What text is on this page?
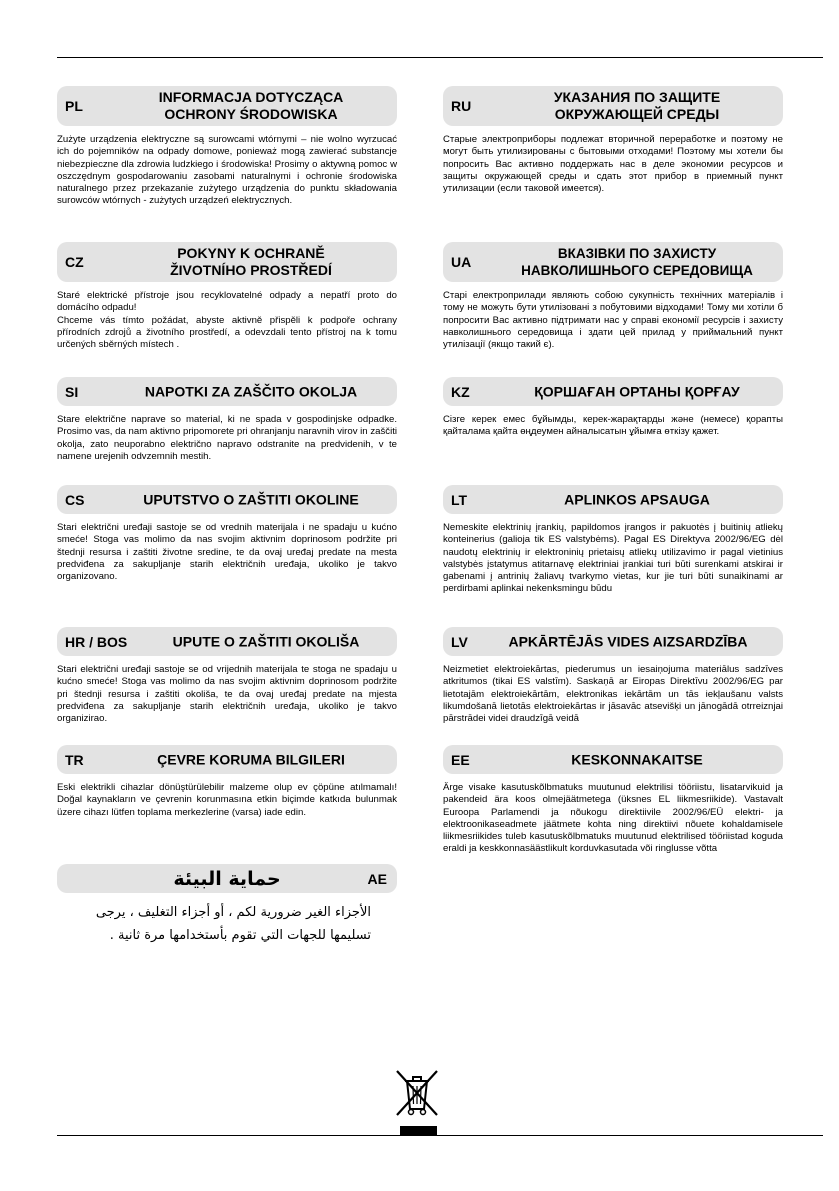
PL
INFORMACJA DOTYCZĄCA
OCHRONY ŚRODOWISKA
Zużyte urządzenia elektryczne są surowcami wtórnymi – nie wolno wyrzucać ich do pojemników na odpady domowe, ponieważ mogą zawierać substancje niebezpieczne dla zdrowia ludzkiego i środowiska! Prosimy o aktywną pomoc w oszczędnym gospodarowaniu zasobami naturalnymi i ochronie środowiska naturalnego przez przekazanie zużytego urządzenia do punktu składowania surowców wtórnych - zużytych urządzeń elektrycznych.
CZ
POKYNY K OCHRANĚ
ŽIVOTNÍHO PROSTŘEDÍ
Staré elektrické přístroje jsou recyklovatelné odpady a nepatří proto do domácího odpadu!
Chceme vás tímto požádat, abyste aktivně přispěli k podpoře ochrany přírodních zdrojů a životního prostředí, a odevzdali tento přístroj na k tomu určených sběrných místech .
SI	NAPOTKI ZA ZAŠČITO OKOLJA
Stare električne naprave so material, ki ne spada v gospodinjske odpadke. Prosimo vas, da nam aktivno pripomorete pri ohranjanju naravnih virov in zaščiti okolja, zato neuporabno električno napravo odstranite na predvidenih, v te namene urejenih odvzemnih mestih.
CS	UPUTSTVO O ZAŠTITI OKOLINE
Stari električni uređaji sastoje se od vrednih materijala i ne spadaju u kućno smeće! Stoga vas molimo da nas svojim aktivnim doprinosom podržite pri štednji resursa i zaštiti životne sredine, te da ovaj uređaj predate na mesta predviđena za sakupljanje starih električnih uređaja, ukoliko je takvo organizovano.
HR / BOS	UPUTE O ZAŠTITI OKOLIŠA
Stari električni uređaji sastoje se od vrijednih materijala te stoga ne spadaju u kućno smeće! Stoga vas molimo da nas svojim aktivnim doprinosom podržite pri štednji resursa i zaštiti okoliša, te da ovaj uređaj predate na mjesta predviđena za sakupljanje starih električnih uređaja, ukoliko je takvo organizirao.
TR	ÇEVRE KORUMA BILGILERI
Eski elektrikli cihazlar dönüştürülebilir malzeme olup ev çöpüne atılmamalı! Doğal kaynakların ve çevrenin korunmasına etkin biçimde katkıda bulunmak üzere cihazı lütfen toplama merkezlerine (varsa) iade edin.
AE
حماية البيئة
الأجزاء الغير ضرورية لكم ، أو أجزاء التغليف ، يرجى تسليمها للجهات التي تقوم بأستخدامها مرة ثانية .
RU
УКАЗАНИЯ ПО ЗАЩИТЕ
ОКРУЖАЮЩЕЙ СРЕДЫ
Старые электроприборы подлежат вторичной переработке и поэтому не могут быть утилизированы с бытовыми отходами! Поэтому мы хотели бы попросить Вас активно поддержать нас в деле экономии ресурсов и защиты окружающей среды и сдать этот прибор в приемный пункт утилизации (если таковой имеется).
UA
ВКАЗІВКИ ПО ЗАХИСТУ
НАВКОЛИШНЬОГО СЕРЕДОВИЩА
Старі електроприлади являють собою сукупність технічних матеріалів і тому не можуть бути утилізовані з побутовими відходами! Тому ми хотіли б попросити Вас активно підтримати нас у справі економії ресурсів і захисту навколишнього середовища і здати цей прилад у приймальний пункт утилізації (якщо такий є).
KZ	ҚОРШАҒАН ОРТАНЫ ҚОРҒАУ
Сізге керек емес бұйымды, керек-жарақтарды және (немесе) қорапты қайталама қайта өңдеумен айналысатын ұйымға өткізу қажет.
LT	APLINKOS APSAUGA
Nemeskite elektrinių įrankių, papildomos įrangos ir pakuotės į buitinių atliekų konteinerius (galioja tik ES valstybėms). Pagal ES Direktyva 2002/96/EG dėl naudotų elektrinių ir elektroninių prietaisų atliekų utilizavimo ir pagal vietinius valstybės įstatymus atitarnavę elektriniai įrankiai turi būti surenkami atskirai ir gabenami į antrinių žaliavų tvarkymo vietas, kur jie turi būti sunaikinami ar perdirbami aplinkai nekenksmingu būdu
LV	APKĀRTĒJĀS VIDES AIZSARDZĪBA
Neizmetiet elektroiekārtas, piederumus un iesaiņojuma materiālus sadzīves atkritumos (tikai ES valstīm). Saskaņā ar Eiropas Direktīvu 2002/96/EG par lietotajām elektroiekārtām, elektronikas iekārtām un tās iekļaušanu valsts likumdošanā lietotās elektroiekārtas ir jāsavāc atsevišķi un jānogādā otrreiznjai pārstrādei videi draudzīgā veidā
EE	KESKONNAKAITSE
Ärge visake kasutuskõlbmatuks muutunud elektrilisi tööriistu, lisatarvikuid ja pakendeid ära koos olmejäätmetega (üksnes EL liikmesriikide). Vastavalt Euroopa Parlamendi ja nõukogu direktiivile 2002/96/EÜ elektri- ja elektroonikaseadmete jäätmete kohta ning direktiivi nõuete kohaldamisele liikmesriikides tuleb kasutuskõlbmatuks muutunud elektrilised tööriistad koguda eraldi ja keskkonnasäästlikult korduvkasutada või ringlusse võtta
